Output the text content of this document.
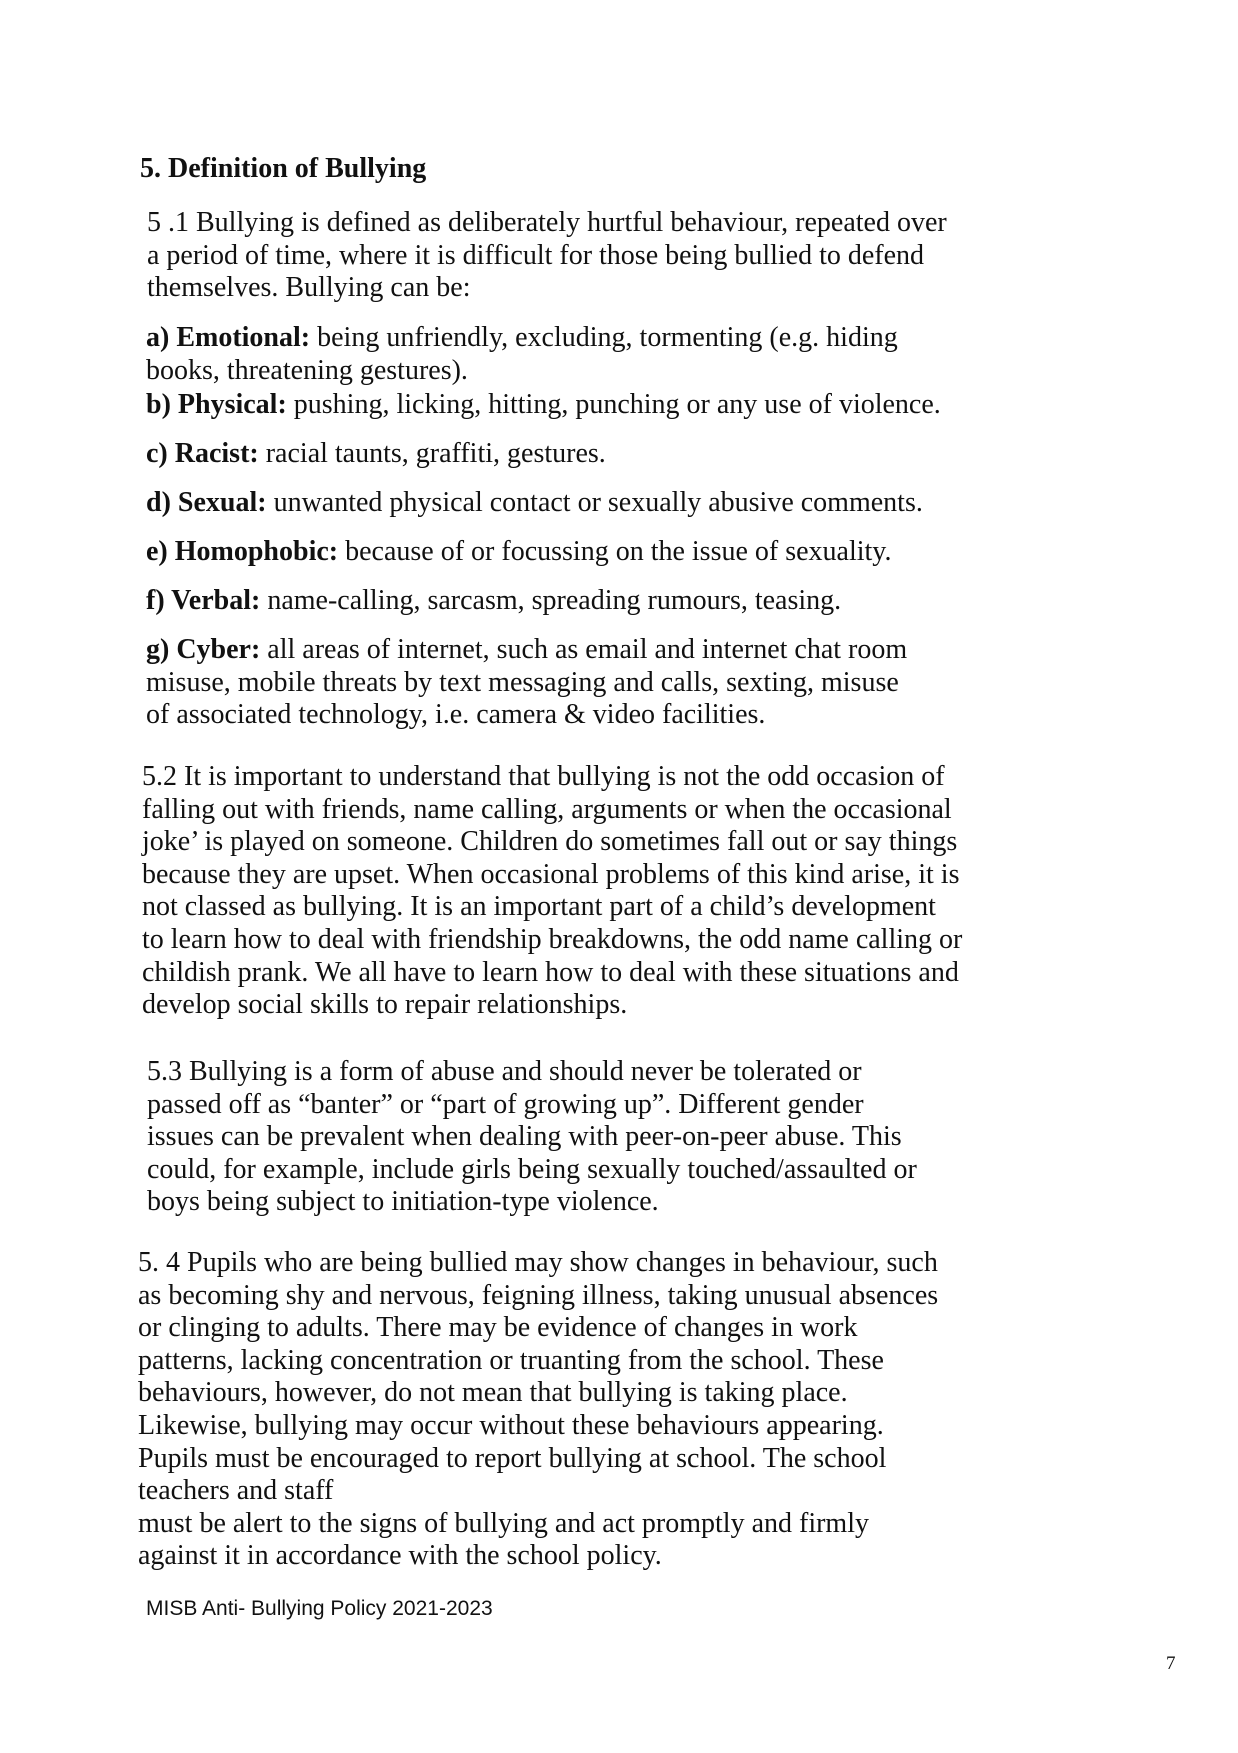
5. Definition of Bullying

5 .1 Bullying is defined as deliberately hurtful behaviour, repeated over
a period of time, where it is difficult for those being bullied to defend
themselves. Bullying can be:

a) Emotional: being unfriendly, excluding, tormenting (e.g. hiding
books, threatening gestures).

b) Physical: pushing, licking, hitting, punching or any use of violence.

c) Racist: racial taunts, graffiti, gestures.

d) Sexual: unwanted physical contact or sexually abusive comments.

e) Homophobic: because of or focussing on the issue of sexuality.

f) Verbal: name-calling, sarcasm, spreading rumours, teasing.

g) Cyber: all areas of internet, such as email and internet chat room
misuse, mobile threats by text messaging and calls, sexting, misuse
of associated technology, i.e. camera & video facilities.

5.2 It is important to understand that bullying is not the odd occasion of
falling out with friends, name calling, arguments or when the occasional
joke’ is played on someone. Children do sometimes fall out or say things
because they are upset. When occasional problems of this kind arise, it is
not classed as bullying. It is an important part of a child’s development
to learn how to deal with friendship breakdowns, the odd name calling or
childish prank. We all have to learn how to deal with these situations and
develop social skills to repair relationships.

5.3 Bullying is a form of abuse and should never be tolerated or
passed off as “banter” or “part of growing up”. Different gender
issues can be prevalent when dealing with peer-on-peer abuse. This
could, for example, include girls being sexually touched/assaulted or
boys being subject to initiation-type violence.

5. 4 Pupils who are being bullied may show changes in behaviour, such
as becoming shy and nervous, feigning illness, taking unusual absences
or clinging to adults. There may be evidence of changes in work
patterns, lacking concentration or truanting from the school. These
behaviours, however, do not mean that bullying is taking place.
Likewise, bullying may occur without these behaviours appearing.
Pupils must be encouraged to report bullying at school. The school
teachers and staff
must be alert to the signs of bullying and act promptly and firmly
against it in accordance with the school policy.

MISB Anti- Bullying Policy 2021-2023

7
